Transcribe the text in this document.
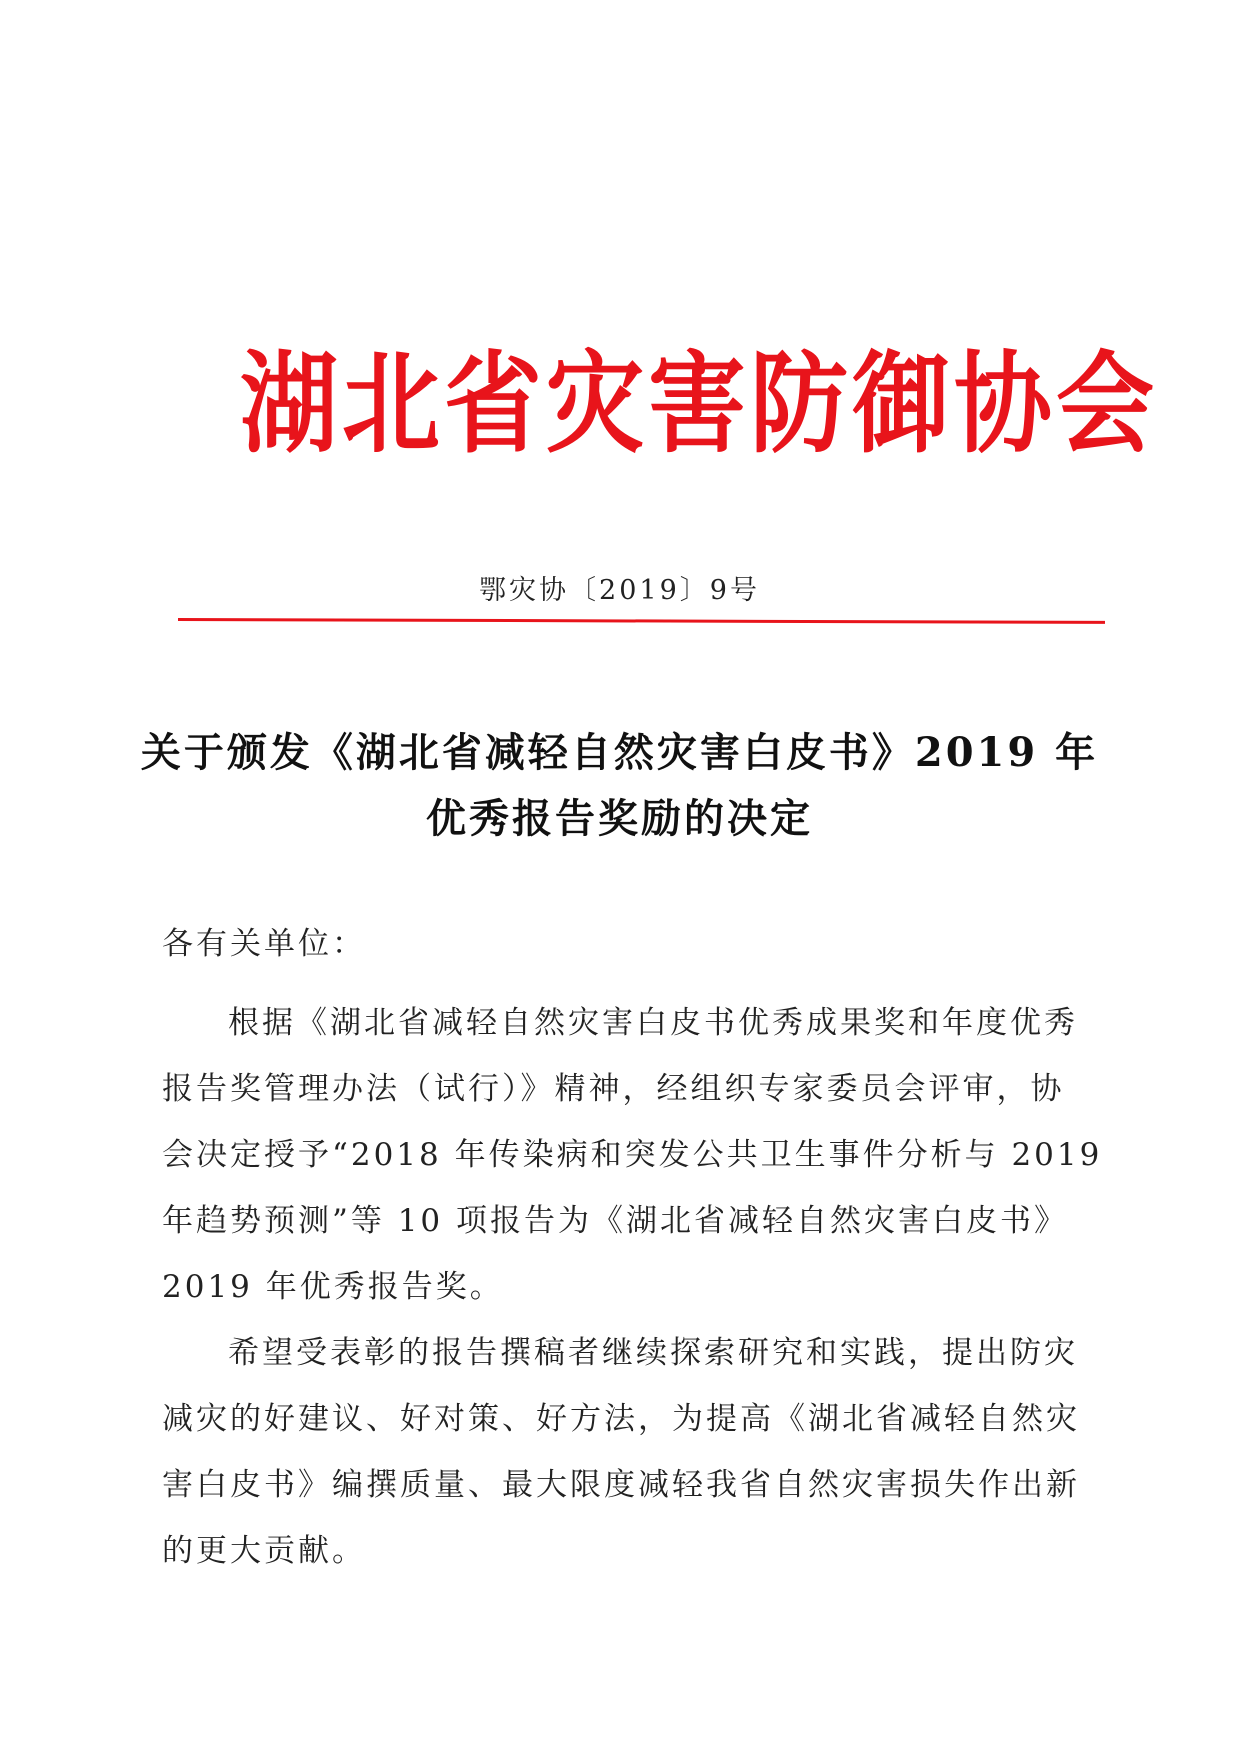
湖北省灾害防御协会
鄂灾协〔2019〕9号
关于颁发《湖北省减轻自然灾害白皮书》2019 年
优秀报告奖励的决定
各有关单位：
根据《湖北省减轻自然灾害白皮书优秀成果奖和年度优秀
报告奖管理办法（试行）》精神，经组织专家委员会评审，协
会决定授予“2018 年传染病和突发公共卫生事件分析与 2019
年趋势预测”等 10 项报告为《湖北省减轻自然灾害白皮书》
2019 年优秀报告奖。
希望受表彰的报告撰稿者继续探索研究和实践，提出防灾
减灾的好建议、好对策、好方法，为提高《湖北省减轻自然灾
害白皮书》编撰质量、最大限度减轻我省自然灾害损失作出新
的更大贡献。
